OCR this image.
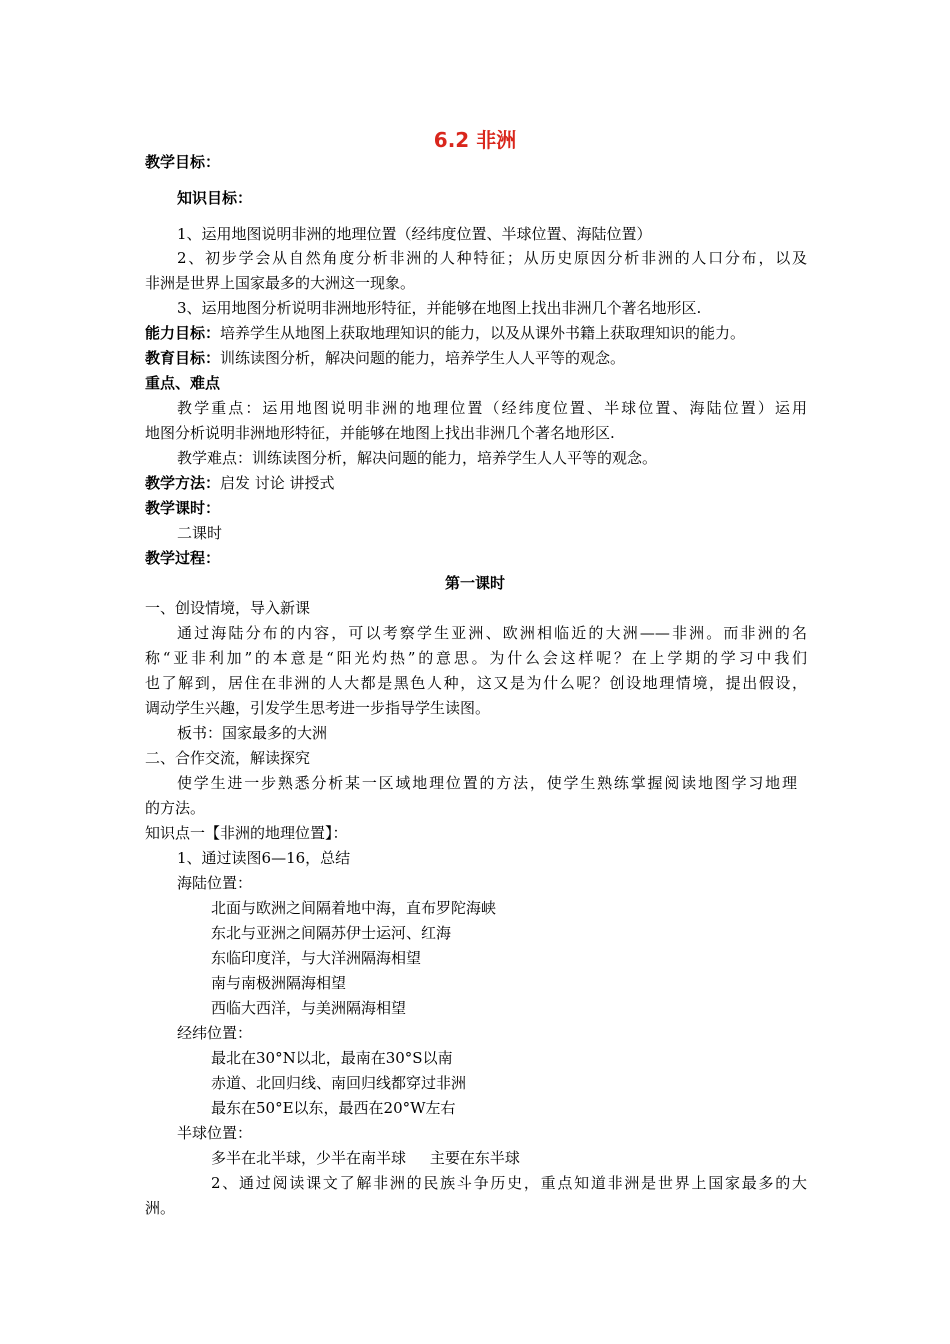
6.2 非洲
教学目标：
知识目标：
1、运用地图说明非洲的地理位置（经纬度位置、半球位置、海陆位置）
2、初步学会从自然角度分析非洲的人种特征；从历史原因分析非洲的人口分布，以及
非洲是世界上国家最多的大洲这一现象。
3、运用地图分析说明非洲地形特征，并能够在地图上找出非洲几个著名地形区.
能力目标：培养学生从地图上获取地理知识的能力，以及从课外书籍上获取理知识的能力。
教育目标：训练读图分析，解决问题的能力，培养学生人人平等的观念。
重点、难点
教学重点：运用地图说明非洲的地理位置（经纬度位置、半球位置、海陆位置）运用
地图分析说明非洲地形特征，并能够在地图上找出非洲几个著名地形区.
教学难点：训练读图分析，解决问题的能力，培养学生人人平等的观念。
教学方法：启发 讨论 讲授式
教学课时：
二课时
教学过程：
第一课时
一、创设情境，导入新课
通过海陆分布的内容，可以考察学生亚洲、欧洲相临近的大洲——非洲。而非洲的名
称“亚非利加”的本意是“阳光灼热”的意思。为什么会这样呢？在上学期的学习中我们
也了解到，居住在非洲的人大都是黑色人种，这又是为什么呢？创设地理情境，提出假设，
调动学生兴趣，引发学生思考进一步指导学生读图。
板书：国家最多的大洲
二、合作交流，解读探究
使学生进一步熟悉分析某一区域地理位置的方法，使学生熟练掌握阅读地图学习地理
的方法。
知识点一【非洲的地理位置】：
1、通过读图6—16，总结
海陆位置：
北面与欧洲之间隔着地中海，直布罗陀海峡
东北与亚洲之间隔苏伊士运河、红海
东临印度洋，与大洋洲隔海相望
南与南极洲隔海相望
西临大西洋，与美洲隔海相望
经纬位置：
最北在30°N以北，最南在30°S以南
赤道、北回归线、南回归线都穿过非洲
最东在50°E以东，最西在20°W左右
半球位置：
多半在北半球，少半在南半球     主要在东半球
2、通过阅读课文了解非洲的民族斗争历史，重点知道非洲是世界上国家最多的大
洲。
